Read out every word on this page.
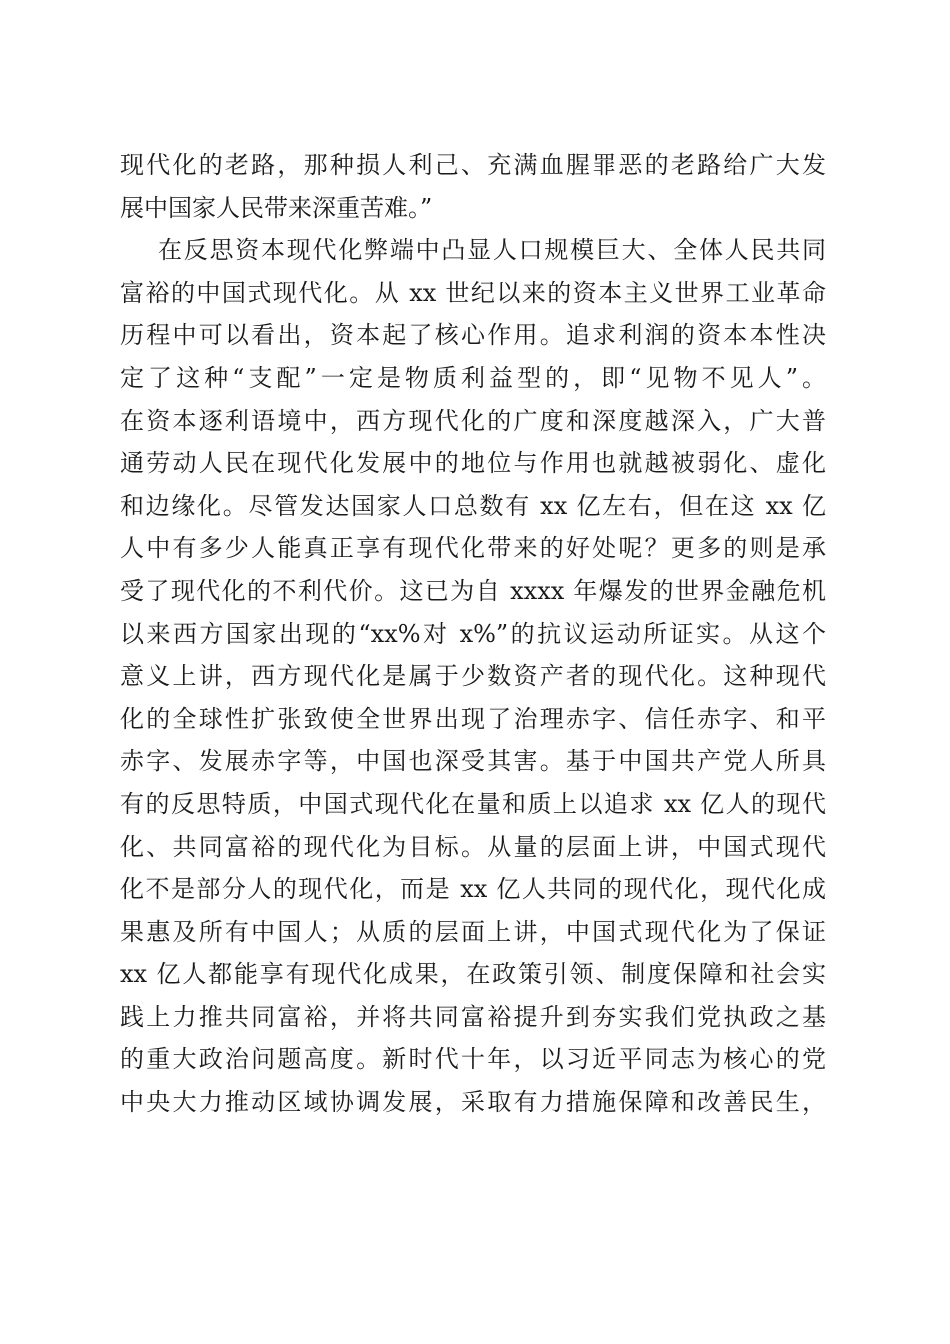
现代化的老路，那种损人利己、充满血腥罪恶的老路给广大发
展中国家人民带来深重苦难。”
在反思资本现代化弊端中凸显人口规模巨大、全体人民共同
富裕的中国式现代化。从 xx 世纪以来的资本主义世界工业革命
历程中可以看出，资本起了核心作用。追求利润的资本本性决
定了这种“支配”一定是物质利益型的，即“见物不见人”。
在资本逐利语境中，西方现代化的广度和深度越深入，广大普
通劳动人民在现代化发展中的地位与作用也就越被弱化、虚化
和边缘化。尽管发达国家人口总数有 xx 亿左右，但在这 xx 亿
人中有多少人能真正享有现代化带来的好处呢？更多的则是承
受了现代化的不利代价。这已为自 xxxx 年爆发的世界金融危机
以来西方国家出现的“xx%对 x%”的抗议运动所证实。从这个
意义上讲，西方现代化是属于少数资产者的现代化。这种现代
化的全球性扩张致使全世界出现了治理赤字、信任赤字、和平
赤字、发展赤字等，中国也深受其害。基于中国共产党人所具
有的反思特质，中国式现代化在量和质上以追求 xx 亿人的现代
化、共同富裕的现代化为目标。从量的层面上讲，中国式现代
化不是部分人的现代化，而是 xx 亿人共同的现代化，现代化成
果惠及所有中国人；从质的层面上讲，中国式现代化为了保证
xx 亿人都能享有现代化成果，在政策引领、制度保障和社会实
践上力推共同富裕，并将共同富裕提升到夯实我们党执政之基
的重大政治问题高度。新时代十年，以习近平同志为核心的党
中央大力推动区域协调发展，采取有力措施保障和改善民生，
